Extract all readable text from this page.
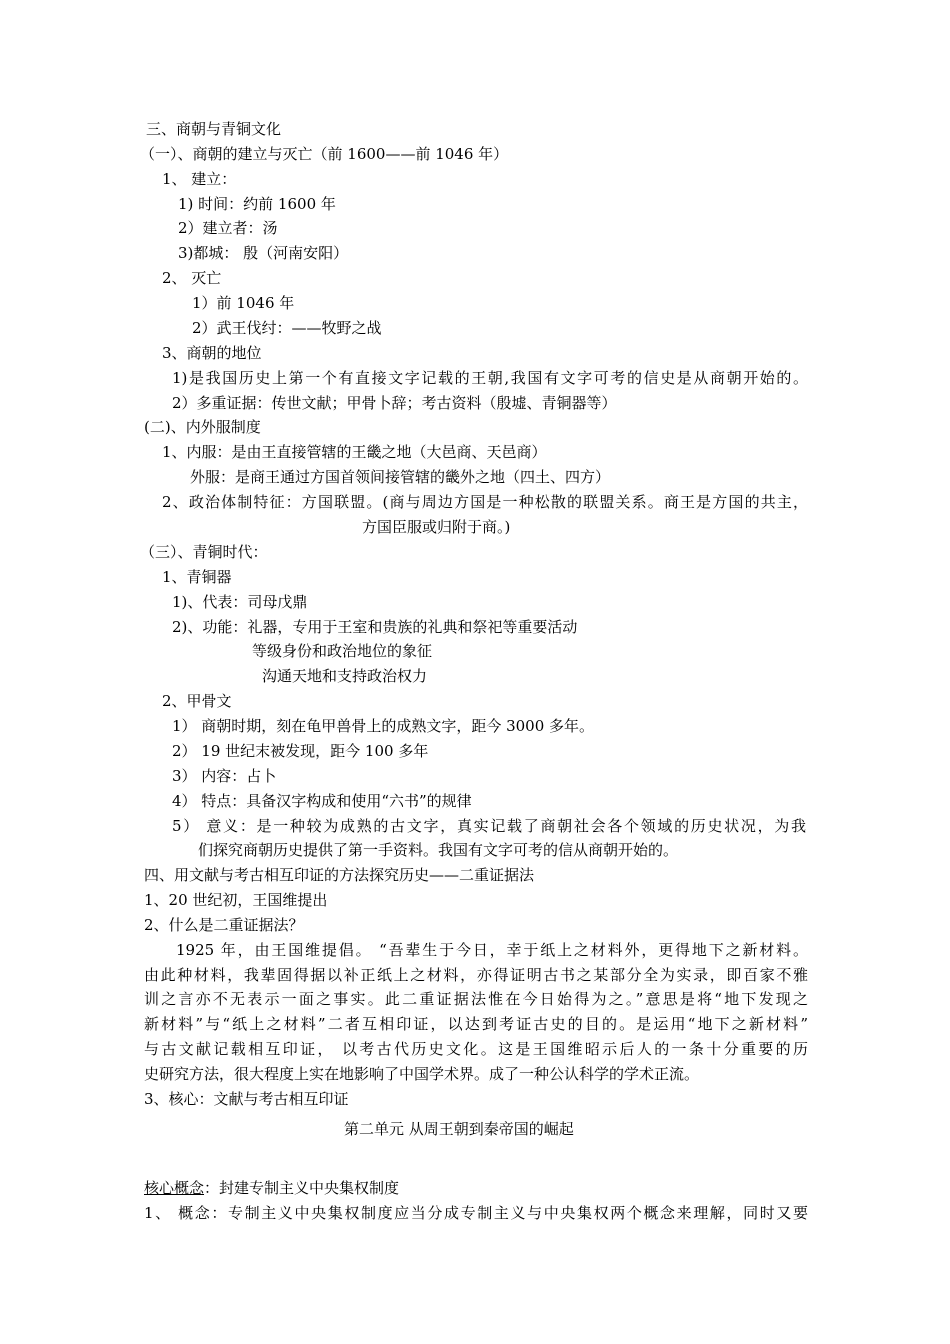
三、商朝与青铜文化
（一）、商朝的建立与灭亡（前 1600——前 1046 年）
1、 建立：
1) 时间：约前 1600 年
2）建立者：汤
3)都城： 殷（河南安阳）
2、 灭亡
1）前 1046 年
2）武王伐纣：——牧野之战
3、商朝的地位
1)是我国历史上第一个有直接文字记载的王朝,我国有文字可考的信史是从商朝开始的。
2）多重证据：传世文献；甲骨卜辞；考古资料（殷墟、青铜器等）
(二)、内外服制度
1、内服：是由王直接管辖的王畿之地（大邑商、天邑商）
外服：是商王通过方国首领间接管辖的畿外之地（四土、四方）
2、政治体制特征：方国联盟。(商与周边方国是一种松散的联盟关系。商王是方国的共主，
方国臣服或归附于商。)
（三）、青铜时代：
1、青铜器
1)、代表：司母戊鼎
2)、功能：礼器，专用于王室和贵族的礼典和祭祀等重要活动
等级身份和政治地位的象征
沟通天地和支持政治权力
2、甲骨文
1） 商朝时期，刻在龟甲兽骨上的成熟文字，距今 3000 多年。
2） 19 世纪末被发现，距今 100 多年
3） 内容：占卜
4） 特点：具备汉字构成和使用“六书”的规律
5） 意义：是一种较为成熟的古文字，真实记载了商朝社会各个领域的历史状况，为我
们探究商朝历史提供了第一手资料。我国有文字可考的信从商朝开始的。
四、用文献与考古相互印证的方法探究历史——二重证据法
1、20 世纪初，王国维提出
2、什么是二重证据法？
1925 年，由王国维提倡。 “吾辈生于今日，幸于纸上之材料外，更得地下之新材料。
由此种材料，我辈固得据以补正纸上之材料，亦得证明古书之某部分全为实录，即百家不雅
训之言亦不无表示一面之事实。此二重证据法惟在今日始得为之。”意思是将“地下发现之
新材料”与“纸上之材料”二者互相印证，以达到考证古史的目的。是运用“地下之新材料”
与古文献记载相互印证， 以考古代历史文化。这是王国维昭示后人的一条十分重要的历
史研究方法，很大程度上实在地影响了中国学术界。成了一种公认科学的学术正流。
3、核心：文献与考古相互印证
第二单元 从周王朝到秦帝国的崛起
核心概念：封建专制主义中央集权制度
1、 概念：专制主义中央集权制度应当分成专制主义与中央集权两个概念来理解，同时又要
